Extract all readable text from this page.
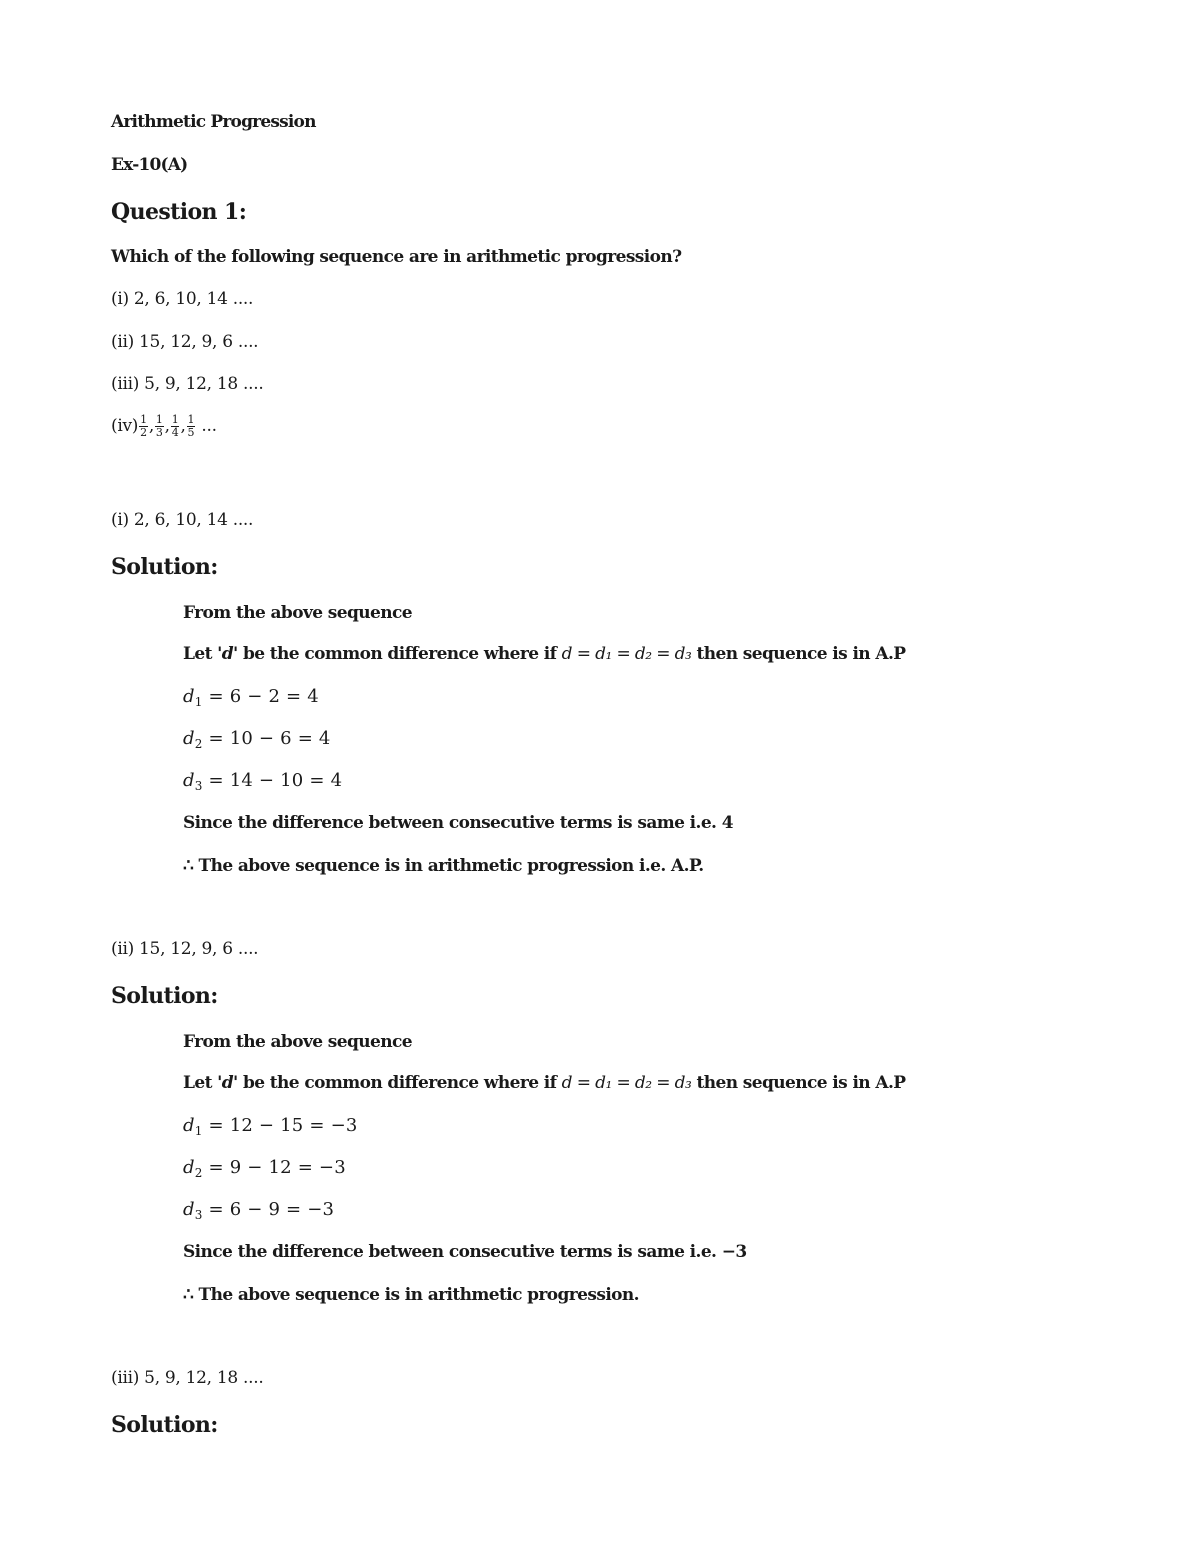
Arithmetic Progression
Ex-10(A)
Question 1:
Which of the following sequence are in arithmetic progression?
(i) 2, 6, 10, 14 ....
(ii) 15, 12, 9, 6 ....
(iii) 5, 9, 12, 18 ....
$(iv) \frac{1}{2}$ , $\frac{1}{3}$ , $\frac{1}{4}$ , $\frac{1}{5}$ ...
(i) 2, 6, 10, 14 ....
Solution:
From the above sequence
Let 'd' be the common difference where if d = d₁ = d₂ = d₃ then sequence is in A.P
$d_1 = 6 - 2 = 4$
$d_2 = 10 - 6 = 4$
$d_3 = 14 - 10 = 4$
Since the difference between consecutive terms is same i.e. 4
∴ The above sequence is in arithmetic progression i.e. A.P.
(ii) 15, 12, 9, 6 ....
Solution:
From the above sequence
Let 'd' be the common difference where if d = d₁ = d₂ = d₃ then sequence is in A.P
$d_1 = 12 - 15 = -3$
$d_2 = 9 - 12 = -3$
$d_3 = 6 - 9 = -3$
Since the difference between consecutive terms is same i.e. −3
∴ The above sequence is in arithmetic progression.
(iii) 5, 9, 12, 18 ....
Solution:
